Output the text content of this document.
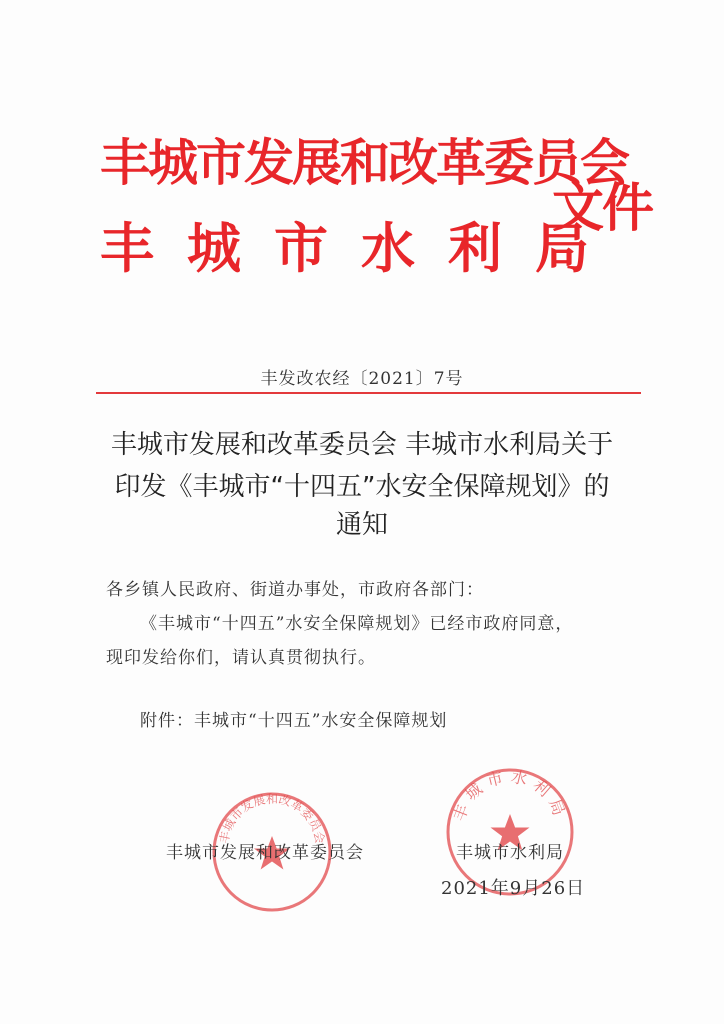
丰城市发展和改革委员会
丰城市水利局
文件
丰发改农经〔2021〕7号
丰城市发展和改革委员会 丰城市水利局关于
印发《丰城市“十四五”水安全保障规划》的
通知
各乡镇人民政府、街道办事处，市政府各部门：
《丰城市“十四五”水安全保障规划》已经市政府同意，
现印发给你们，请认真贯彻执行。
附件：丰城市“十四五”水安全保障规划
丰城市发展和改革委员会
丰城市水利局
丰城市发展和改革委员会	丰城市水利局
2021年9月26日
